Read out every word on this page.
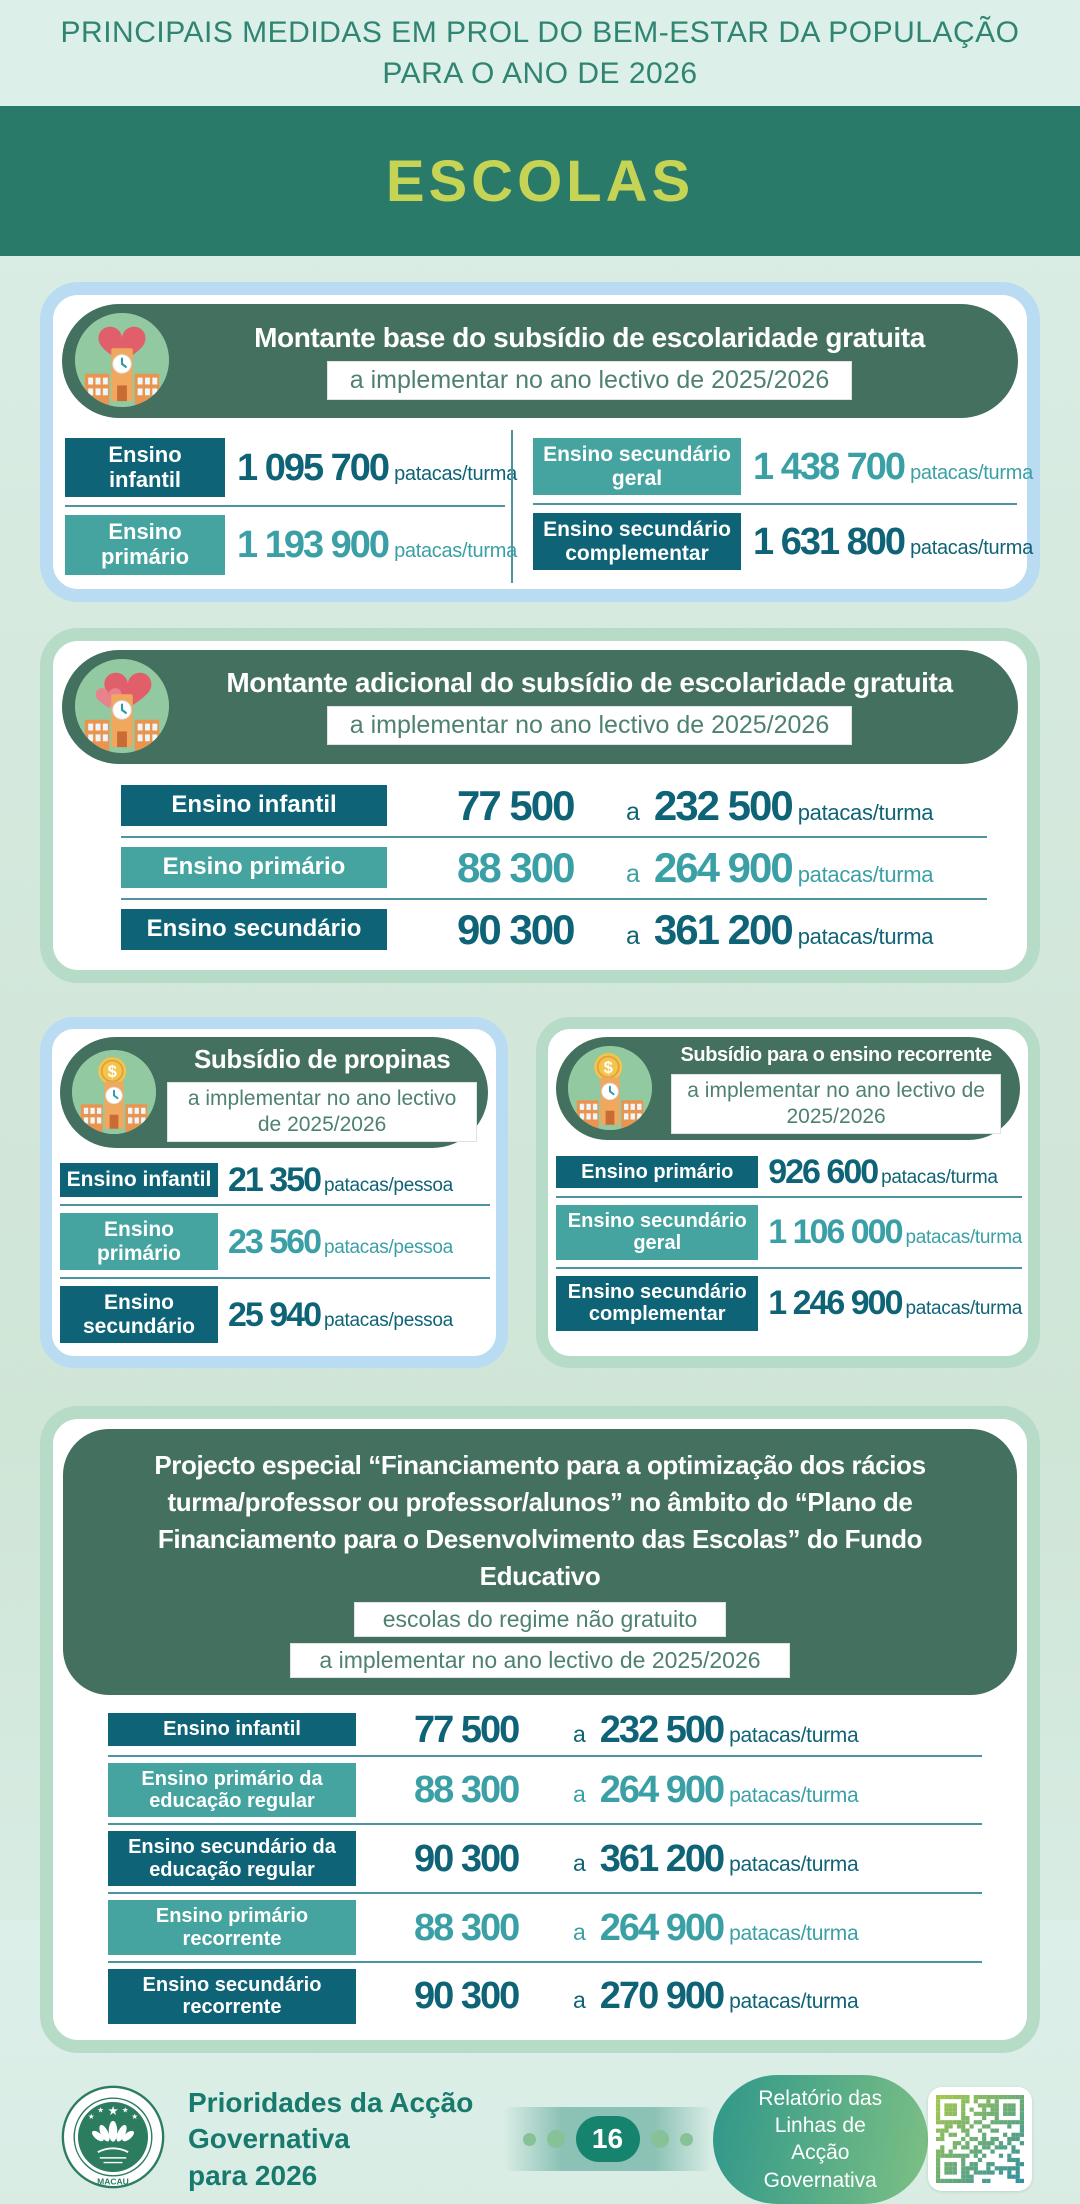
PRINCIPAIS MEDIDAS EM PROL DO BEM-ESTAR DA POPULAÇÃO
PARA O ANO DE 2026
ESCOLAS
Montante base do subsídio de escolaridade gratuita
a implementar no ano lectivo de 2025/2026
Ensino infantil	1 095 700 patacas/turma
Ensino primário	1 193 900 patacas/turma
Ensino secundário geral	1 438 700 patacas/turma
Ensino secundário complementar	1 631 800 patacas/turma
Montante adicional do subsídio de escolaridade gratuita
a implementar no ano lectivo de 2025/2026
Ensino infantil	77 500	a 232 500 patacas/turma
Ensino primário	88 300	a 264 900 patacas/turma
Ensino secundário	90 300	a 361 200 patacas/turma
$	Subsídio de propinas
a implementar no ano lectivo de 2025/2026
Ensino infantil 21 350 patacas/pessoa
Ensino primário	23 560 patacas/pessoa
Ensino secundário 25 940 patacas/pessoa
$
Subsídio para o ensino recorrente
a implementar no ano lectivo de 2025/2026
Ensino primário	926 600 patacas/turma
Ensino secundário geral	1 106 000 patacas/turma
Ensino secundário complementar	1 246 900 patacas/turma
Projecto especial “Financiamento para a optimização dos rácios turma/professor ou professor/alunos” no âmbito do “Plano de Financiamento para o Desenvolvimento das Escolas” do Fundo Educativo
escolas do regime não gratuito
a implementar no ano lectivo de 2025/2026
Ensino infantil	77 500	a 232 500 patacas/turma
Ensino primário da educação regular	88 300	a 264 900 patacas/turma
Ensino secundário da educação regular	90 300	a 361 200 patacas/turma
Ensino primário recorrente	88 300	a 264 900 patacas/turma
Ensino secundário recorrente	90 300	a 270 900 patacas/turma
★
★ ★
★	★
MACAU
Prioridades da Acção Governativa
para 2026
16
Relatório das Linhas de
Acção Governativa
